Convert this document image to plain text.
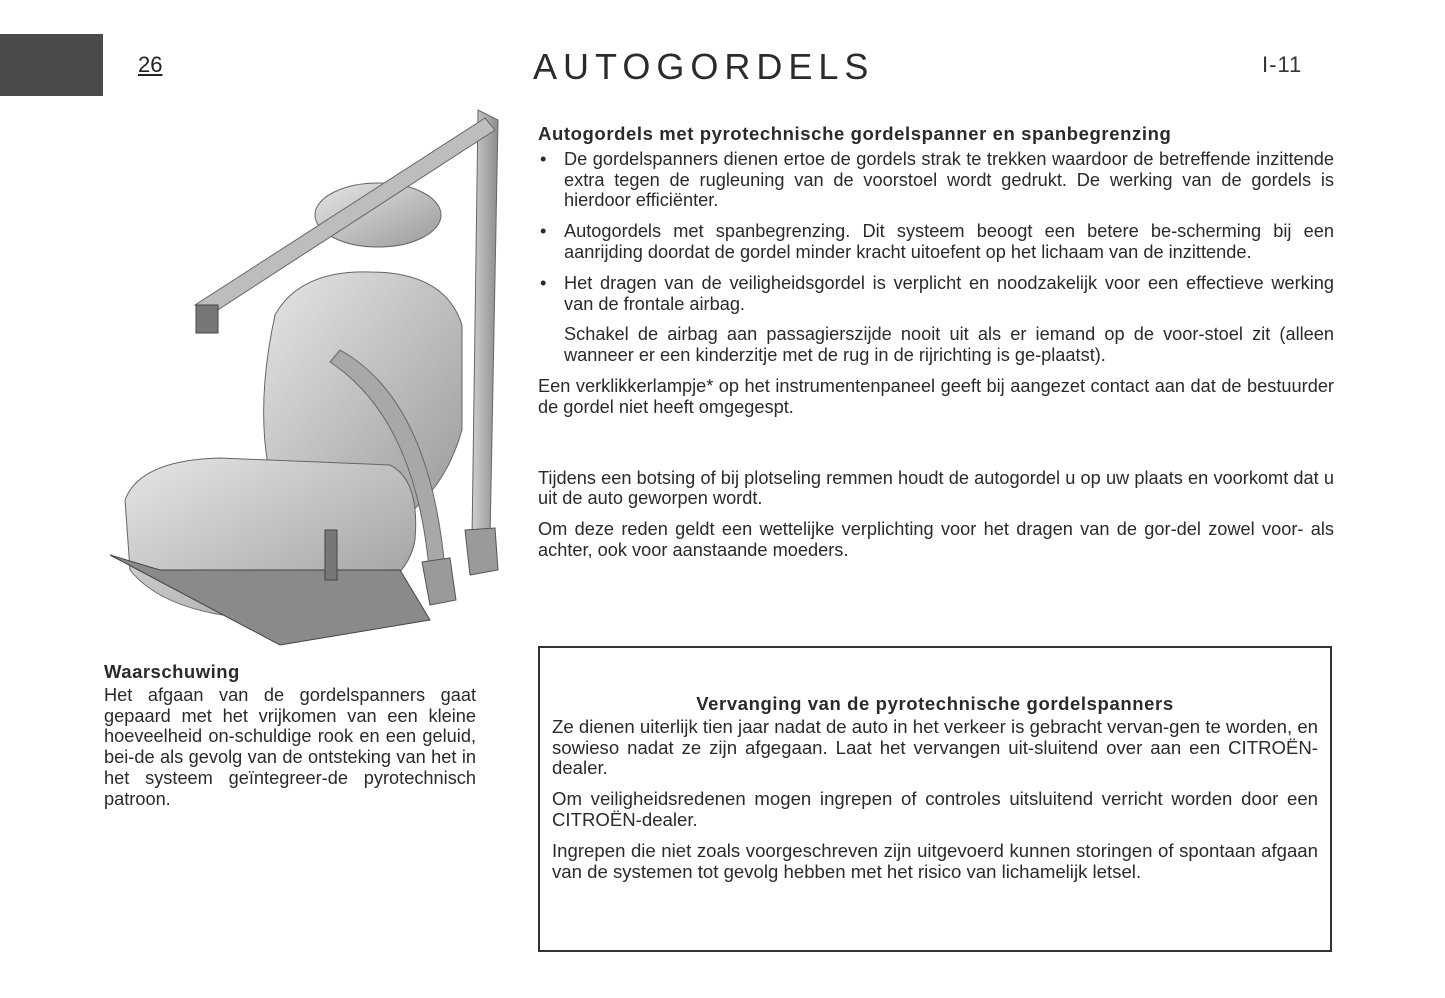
26	AUTOGORDELS	I-11
Autogordels met pyrotechnische gordelspanner en spanbegrenzing
• De gordelspanners dienen ertoe de gordels strak te trekken waardoor de betreffende inzittende extra tegen de rugleuning van de voorstoel wordt gedrukt. De werking van de gordels is hierdoor efficiënter.
• Autogordels met spanbegrenzing. Dit systeem beoogt een betere be-scherming bij een aanrijding doordat de gordel minder kracht uitoefent op het lichaam van de inzittende.
• Het dragen van de veiligheidsgordel is verplicht en noodzakelijk voor een effectieve werking van de frontale airbag.

Schakel de airbag aan passagierszijde nooit uit als er iemand op de voor-stoel zit (alleen wanneer er een kinderzitje met de rug in de rijrichting is ge-plaatst).

Een verklikkerlampje* op het instrumentenpaneel geeft bij aangezet contact aan dat de bestuurder de gordel niet heeft omgegespt.

Tijdens een botsing of bij plotseling remmen houdt de autogordel u op uw plaats en voorkomt dat u uit de auto geworpen wordt.

Om deze reden geldt een wettelijke verplichting voor het dragen van de gor-del zowel voor- als achter, ook voor aanstaande moeders.

Waarschuwing

Het afgaan van de gordelspanners gaat gepaard met het vrijkomen van een kleine hoeveelheid on-schuldige rook en een geluid, bei-de als gevolg van de ontsteking van het in het systeem geïntegreer-de pyrotechnisch patroon.

Vervanging van de pyrotechnische gordelspanners

Ze dienen uiterlijk tien jaar nadat de auto in het verkeer is gebracht vervan-gen te worden, en sowieso nadat ze zijn afgegaan. Laat het vervangen uit-sluitend over aan een CITROËN-dealer.

Om veiligheidsredenen mogen ingrepen of controles uitsluitend verricht worden door een CITROËN-dealer.

Ingrepen die niet zoals voorgeschreven zijn uitgevoerd kunnen storingen of spontaan afgaan van de systemen tot gevolg hebben met het risico van lichamelijk letsel.
